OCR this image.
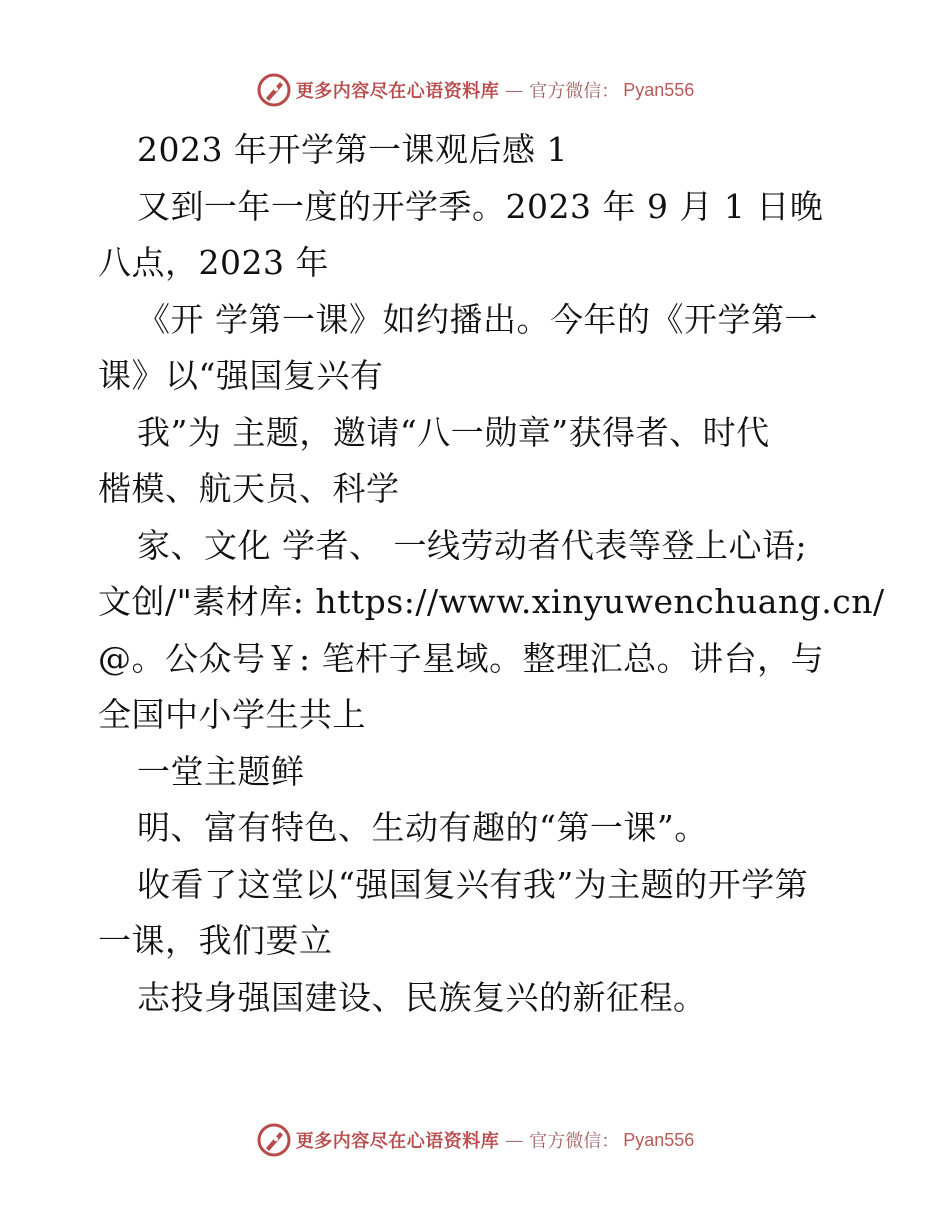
更多内容尽在心语资料库 — 官方微信： Pyan556
2023 年开学第一课观后感 1
又到一年一度的开学季。2023 年 9 月 1 日晚
八点，2023 年
《开 学第一课》如约播出。今年的《开学第一
课》以“强国复兴有
我”为 主题，邀请“八一勋章”获得者、时代
楷模、航天员、科学
家、文化 学者、 一线劳动者代表等登上心语;
文创/"素材库: https://www.xinyuwenchuang.cn/
@。公众号￥: 笔杆子星域。整理汇总。讲台，与
全国中小学生共上
一堂主题鲜
明、富有特色、生动有趣的“第一课”。
收看了这堂以“强国复兴有我”为主题的开学第
一课，我们要立
志投身强国建设、民族复兴的新征程。
更多内容尽在心语资料库 — 官方微信： Pyan556
